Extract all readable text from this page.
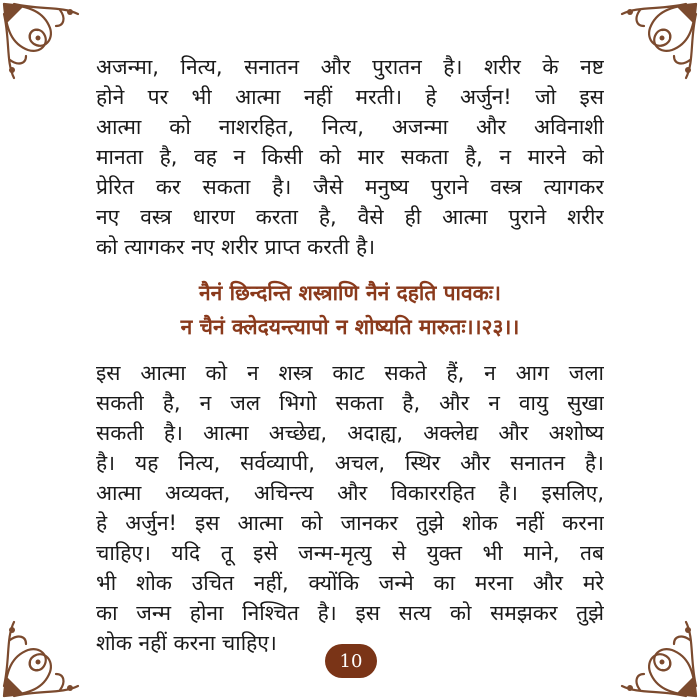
अजन्मा, नित्य, सनातन और पुरातन है। शरीर के नष्ट
होने पर भी आत्मा नहीं मरती। हे अर्जुन! जो इस
आत्मा को नाशरहित, नित्य, अजन्मा और अविनाशी
मानता है, वह न किसी को मार सकता है, न मारने को
प्रेरित कर सकता है। जैसे मनुष्य पुराने वस्त्र त्यागकर
नए वस्त्र धारण करता है, वैसे ही आत्मा पुराने शरीर
को त्यागकर नए शरीर प्राप्त करती है।

नैनं छिन्दन्ति शस्त्राणि नैनं दहति पावकः।
न चैनं क्लेदयन्त्यापो न शोष्यति मारुतः।।२३।।

इस आत्मा को न शस्त्र काट सकते हैं, न आग जला
सकती है, न जल भिगो सकता है, और न वायु सुखा
सकती है। आत्मा अच्छेद्य, अदाह्य, अक्लेद्य और अशोष्य
है। यह नित्य, सर्वव्यापी, अचल, स्थिर और सनातन है।
आत्मा अव्यक्त, अचिन्त्य और विकाररहित है। इसलिए,
हे अर्जुन! इस आत्मा को जानकर तुझे शोक नहीं करना
चाहिए। यदि तू इसे जन्म-मृत्यु से युक्त भी माने, तब
भी शोक उचित नहीं, क्योंकि जन्मे का मरना और मरे
का जन्म होना निश्चित है। इस सत्य को समझकर तुझे
शोक नहीं करना चाहिए।

10
